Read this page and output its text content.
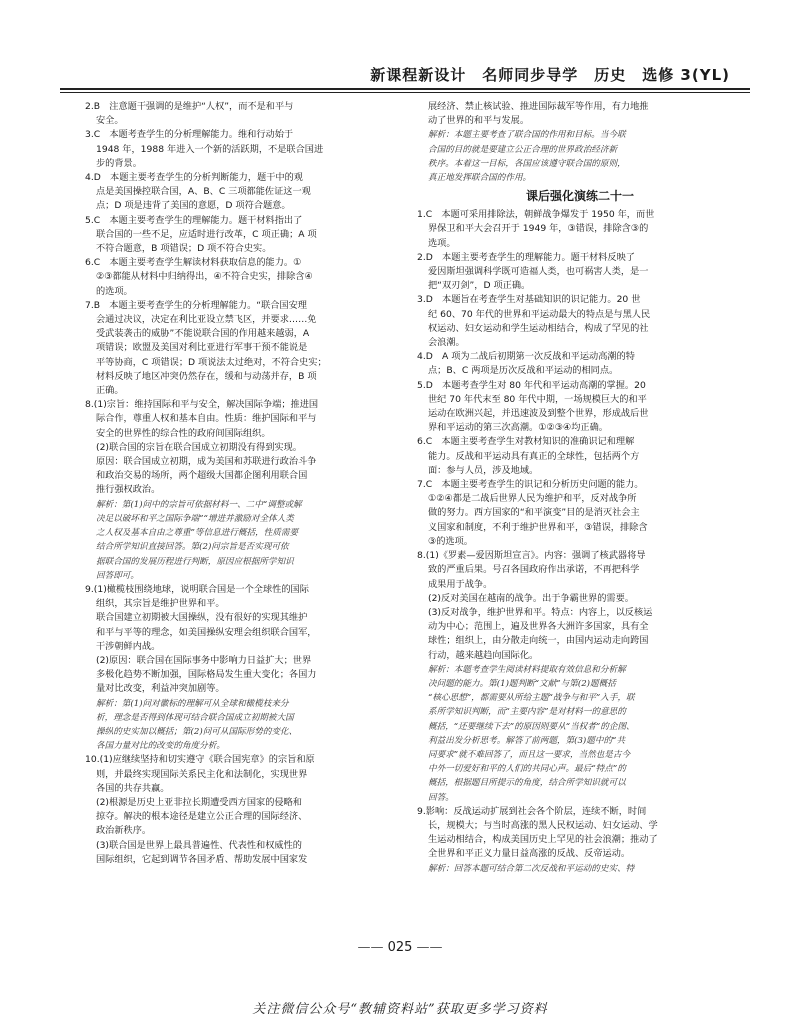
新课程新设计　名师同步导学　历史　选修 3(YL)
2.B　注意题干强调的是维护“人权”，而不是和平与
安全。
3.C　本题考查学生的分析理解能力。维和行动始于
1948 年，1988 年进入一个新的活跃期，不是联合国进
步的背景。
4.D　本题主要考查学生的分析判断能力，题干中的观
点是美国操控联合国，A、B、C 三项都能佐证这一观
点；D 项是违背了美国的意愿，D 项符合题意。
5.C　本题主要考查学生的理解能力。题干材料指出了
联合国的一些不足，应适时进行改革，C 项正确；A 项
不符合题意，B 项错误；D 项不符合史实。
6.C　本题主要考查学生解读材料获取信息的能力。①
②③都能从材料中归纳得出，④不符合史实，排除含④
的选项。
7.B　本题主要考查学生的分析理解能力。“联合国安理
会通过决议，决定在利比亚设立禁飞区，并要求……免
受武装袭击的威胁”不能说联合国的作用越来越弱，A
项错误；欧盟及美国对利比亚进行军事干预不能说是
平等协商，C 项错误；D 项说法太过绝对，不符合史实；
材料反映了地区冲突仍然存在，缓和与动荡并存，B 项
正确。
8.(1)宗旨：维持国际和平与安全，解决国际争端；推进国
际合作，尊重人权和基本自由。性质：维护国际和平与
安全的世界性的综合性的政府间国际组织。
(2)联合国的宗旨在联合国成立初期没有得到实现。
原因：联合国成立初期，成为美国和苏联进行政治斗争
和政治交易的场所，两个超级大国都企图利用联合国
推行强权政治。
解析：第(1)问中的宗旨可依据材料一、二中“调整或解
决足以破坏和平之国际争端”“增进并激励对全体人类
之人权及基本自由之尊重”等信息进行概括，性质需要
结合所学知识直接回答。第(2)问宗旨是否实现可依
据联合国的发展历程进行判断，原因应根据所学知识
回答即可。
9.(1)橄榄枝围绕地球，说明联合国是一个全球性的国际
组织，其宗旨是维护世界和平。
联合国建立初期被大国操纵，没有很好的实现其维护
和平与平等的理念，如美国操纵安理会组织联合国军，
干涉朝鲜内战。
(2)原因：联合国在国际事务中影响力日益扩大；世界
多极化趋势不断加强，国际格局发生重大变化；各国力
量对比改变，利益冲突加剧等。
解析：第(1)问对徽标的理解可从全球和橄榄枝来分
析，理念是否得到体现可结合联合国成立初期被大国
操纵的史实加以概括；第(2)问可从国际形势的变化、
各国力量对比的改变的角度分析。
10.(1)应继续坚持和切实遵守《联合国宪章》的宗旨和原
则，并最终实现国际关系民主化和法制化，实现世界
各国的共存共赢。
(2)根源是历史上亚非拉长期遭受西方国家的侵略和
掠夺。解决的根本途径是建立公正合理的国际经济、
政治新秩序。
(3)联合国是世界上最具普遍性、代表性和权威性的
国际组织，它起到调节各国矛盾、帮助发展中国家发
展经济、禁止核试验、推进国际裁军等作用，有力地推
动了世界的和平与发展。
解析：本题主要考查了联合国的作用和目标。当今联
合国的目的就是要建立公正合理的世界政治经济新
秩序。本着这一目标，各国应该遵守联合国的原则，
真正地发挥联合国的作用。
课后强化演练二十一
1.C　本题可采用排除法，朝鲜战争爆发于 1950 年，而世
界保卫和平大会召开于 1949 年，③错误，排除含③的
选项。
2.D　本题主要考查学生的理解能力。题干材料反映了
爱因斯坦强调科学既可造福人类，也可祸害人类，是一
把“双刃剑”，D 项正确。
3.D　本题旨在考查学生对基础知识的识记能力。20 世
纪 60、70 年代的世界和平运动最大的特点是与黑人民
权运动、妇女运动和学生运动相结合，构成了罕见的社
会浪潮。
4.D　A 项为二战后初期第一次反战和平运动高潮的特
点；B、C 两项是历次反战和平运动的相同点。
5.D　本题考查学生对 80 年代和平运动高潮的掌握。20
世纪 70 年代末至 80 年代中期，一场规模巨大的和平
运动在欧洲兴起，并迅速波及到整个世界，形成战后世
界和平运动的第三次高潮。①②③④均正确。
6.C　本题主要考查学生对教材知识的准确识记和理解
能力。反战和平运动具有真正的全球性，包括两个方
面：参与人员，涉及地域。
7.C　本题主要考查学生的识记和分析历史问题的能力。
①②④都是二战后世界人民为维护和平，反对战争所
做的努力。西方国家的“和平演变”目的是消灭社会主
义国家和制度，不利于维护世界和平，③错误，排除含
③的选项。
8.(1)《罗素—爱因斯坦宣言》。内容：强调了核武器将导
致的严重后果。号召各国政府作出承诺，不再把科学
成果用于战争。
(2)反对美国在越南的战争。出于争霸世界的需要。
(3)反对战争，维护世界和平。特点：内容上，以反核运
动为中心；范围上，遍及世界各大洲许多国家，具有全
球性；组织上，由分散走向统一，由国内运动走向跨国
行动，越来越趋向国际化。
解析：本题考查学生阅读材料提取有效信息和分析解
决问题的能力。第(1)题判断“文献”与第(2)题概括
“核心思想”，都需要从所给主题“战争与和平”入手，联
系所学知识判断，而“主要内容”是对材料一的意思的
概括，“还要继续下去”的原因则要从“当权者”的企图、
利益出发分析思考。解答了前两题，第(3)题中的“共
同要求”就不难回答了，而且这一要求，当然也是古今
中外一切爱好和平的人们的共同心声。最后“特点”的
概括，根据题目所提示的角度，结合所学知识就可以
回答。
9.影响：反战运动扩展到社会各个阶层，连续不断，时间
长，规模大；与当时高涨的黑人民权运动、妇女运动、学
生运动相结合，构成美国历史上罕见的社会浪潮；推动了
全世界和平正义力量日益高涨的反战、反帝运动。
解析：回答本题可结合第二次反战和平运动的史实、特
—— 025 ——
关注微信公众号“教辅资料站”获取更多学习资料
